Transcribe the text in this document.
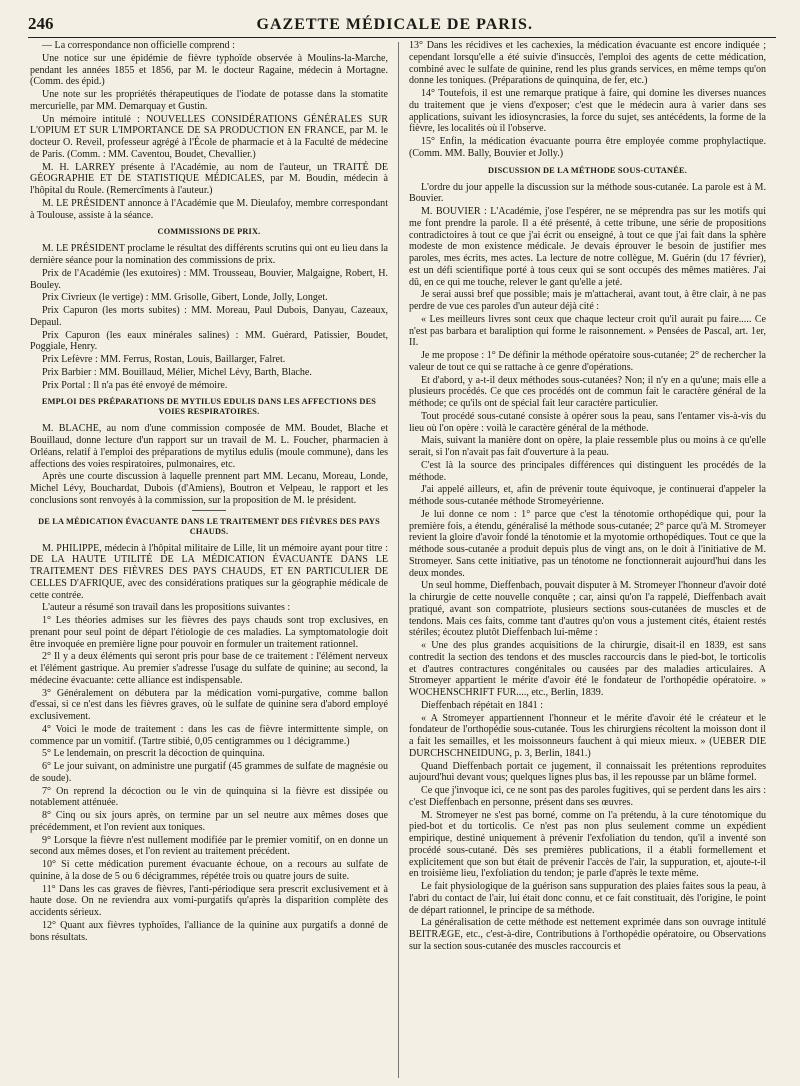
246	GAZETTE MÉDICALE DE PARIS.

— La correspondance non officielle comprend :

Une notice sur une épidémie de fièvre typhoïde observée à Moulins-la-Marche, pendant les années 1855 et 1856, par M. le docteur Ragaine, médecin à Mortagne. (Comm. des épid.)

Une note sur les propriétés thérapeutiques de l'iodate de potasse dans la stomatite mercurielle, par MM. Demarquay et Gustin.

Un mémoire intitulé : NOUVELLES CONSIDÉRATIONS GÉNÉRALES SUR L'OPIUM ET SUR L'IMPORTANCE DE SA PRODUCTION EN FRANCE, par M. le docteur O. Reveil, professeur agrégé à l'École de pharmacie et à la Faculté de médecine de Paris. (Comm. : MM. Caventou, Boudet, Chevallier.)

M. H. LARREY présente à l'Académie, au nom de l'auteur, un TRAITÉ DE GÉOGRAPHIE ET DE STATISTIQUE MÉDICALES, par M. Boudin, médecin à l'hôpital du Roule. (Remercîments à l'auteur.)

M. LE PRÉSIDENT annonce à l'Académie que M. Dieulafoy, membre correspondant à Toulouse, assiste à la séance.

COMMISSIONS DE PRIX.

M. LE PRÉSIDENT proclame le résultat des différents scrutins qui ont eu lieu dans la dernière séance pour la nomination des commissions de prix.

Prix de l'Académie (les exutoires) : MM. Trousseau, Bouvier, Malgaigne, Robert, H. Bouley.

Prix Civrieux (le vertige) : MM. Grisolle, Gibert, Londe, Jolly, Longet.

Prix Capuron (les morts subites) : MM. Moreau, Paul Dubois, Danyau, Cazeaux, Depaul.

Prix Capuron (les eaux minérales salines) : MM. Guérard, Patissier, Boudet, Poggiale, Henry.

Prix Lefèvre : MM. Ferrus, Rostan, Louis, Baillarger, Falret.

Prix Barbier : MM. Bouillaud, Mélier, Michel Lévy, Barth, Blache.

Prix Portal : Il n'a pas été envoyé de mémoire.

EMPLOI DES PRÉPARATIONS DE MYTILUS EDULIS DANS LES AFFECTIONS DES VOIES RESPIRATOIRES.

M. BLACHE, au nom d'une commission composée de MM. Boudet, Blache et Bouillaud, donne lecture d'un rapport sur un travail de M. L. Foucher, pharmacien à Orléans, relatif à l'emploi des préparations de mytilus edulis (moule commune), dans les affections des voies respiratoires, pulmonaires, etc.

Après une courte discussion à laquelle prennent part MM. Lecanu, Moreau, Londe, Michel Lévy, Bouchardat, Dubois (d'Amiens), Boutron et Velpeau, le rapport et les conclusions sont renvoyés à la commission, sur la proposition de M. le président.

DE LA MÉDICATION ÉVACUANTE DANS LE TRAITEMENT DES FIÈVRES DES PAYS CHAUDS.

M. PHILIPPE, médecin à l'hôpital militaire de Lille, lit un mémoire ayant pour titre : DE LA HAUTE UTILITÉ DE LA MÉDICATION ÉVACUANTE DANS LE TRAITEMENT DES FIÈVRES DES PAYS CHAUDS, ET EN PARTICULIER DE CELLES D'AFRIQUE, avec des considérations pratiques sur la géographie médicale de cette contrée.

L'auteur a résumé son travail dans les propositions suivantes :

1° Les théories admises sur les fièvres des pays chauds sont trop exclusives, en prenant pour seul point de départ l'étiologie de ces maladies. La symptomatologie doit être invoquée en première ligne pour pouvoir en formuler un traitement rationnel.

2° Il y a deux éléments qui seront pris pour base de ce traitement : l'élément nerveux et l'élément gastrique. Au premier s'adresse l'usage du sulfate de quinine; au second, la médecine évacuante: cette alliance est indispensable.

3° Généralement on débutera par la médication vomi-purgative, comme ballon d'essai, si ce n'est dans les fièvres graves, où le sulfate de quinine sera d'abord employé exclusivement.

4° Voici le mode de traitement : dans les cas de fièvre intermittente simple, on commence par un vomitif. (Tartre stibié, 0,05 centigrammes ou 1 décigramme.)

5° Le lendemain, on prescrit la décoction de quinquina.

6° Le jour suivant, on administre une purgatif (45 grammes de sulfate de magnésie ou de soude).

7° On reprend la décoction ou le vin de quinquina si la fièvre est dissipée ou notablement atténuée.

8° Cinq ou six jours après, on termine par un sel neutre aux mêmes doses que précédemment, et l'on revient aux toniques.

9° Lorsque la fièvre n'est nullement modifiée par le premier vomitif, on en donne un second aux mêmes doses, et l'on revient au traitement précédent.

10° Si cette médication purement évacuante échoue, on a recours au sulfate de quinine, à la dose de 5 ou 6 décigrammes, répétée trois ou quatre jours de suite.

11° Dans les cas graves de fièvres, l'anti-périodique sera prescrit exclusivement et à haute dose. On ne reviendra aux vomi-purgatifs qu'après la disparition complète des accidents sérieux.

12° Quant aux fièvres typhoïdes, l'alliance de la quinine aux purgatifs a donné de bons résultats.

13° Dans les récidives et les cachexies, la médication évacuante est encore indiquée ; cependant lorsqu'elle a été suivie d'insuccès, l'emploi des agents de cette médication, combiné avec le sulfate de quinine, rend les plus grands services, en même temps qu'on donne les toniques. (Préparations de quinquina, de fer, etc.)

14° Toutefois, il est une remarque pratique à faire, qui domine les diverses nuances du traitement que je viens d'exposer; c'est que le médecin aura à varier dans ses applications, suivant les idiosyncrasies, la force du sujet, ses antécédents, la forme de la fièvre, les localités où il l'observe.

15° Enfin, la médication évacuante pourra être employée comme prophylactique. (Comm. MM. Bally, Bouvier et Jolly.)

DISCUSSION DE LA MÉTHODE SOUS-CUTANÉE.

L'ordre du jour appelle la discussion sur la méthode sous-cutanée. La parole est à M. Bouvier.

M. BOUVIER : L'Académie, j'ose l'espérer, ne se méprendra pas sur les motifs qui me font prendre la parole. Il a été présenté, à cette tribune, une série de propositions contradictoires à tout ce que j'ai écrit ou enseigné, à tout ce que j'ai fait dans la sphère modeste de mon existence médicale. Je devais éprouver le besoin de justifier mes paroles, mes écrits, mes actes. La lecture de notre collègue, M. Guérin (du 17 février), est un défi scientifique porté à tous ceux qui se sont occupés des mêmes matières. J'ai dû, en ce qui me touche, relever le gant qu'elle a jeté.

Je serai aussi bref que possible; mais je m'attacherai, avant tout, à être clair, à ne pas perdre de vue ces paroles d'un auteur déjà cité :

« Les meilleurs livres sont ceux que chaque lecteur croit qu'il aurait pu faire..... Ce n'est pas barbara et baraliption qui forme le raisonnement. » Pensées de Pascal, art. 1er, II.

Je me propose : 1° De définir la méthode opératoire sous-cutanée; 2° de rechercher la valeur de tout ce qui se rattache à ce genre d'opérations.

Et d'abord, y a-t-il deux méthodes sous-cutanées? Non; il n'y en a qu'une; mais elle a plusieurs procédés. Ce que ces procédés ont de commun fait le caractère général de la méthode; ce qu'ils ont de spécial fait leur caractère particulier.

Tout procédé sous-cutané consiste à opérer sous la peau, sans l'entamer vis-à-vis du lieu où l'on opère : voilà le caractère général de la méthode.

Mais, suivant la manière dont on opère, la plaie ressemble plus ou moins à ce qu'elle serait, si l'on n'avait pas fait d'ouverture à la peau.

C'est là la source des principales différences qui distinguent les procédés de la méthode.

J'ai appelé ailleurs, et, afin de prévenir toute équivoque, je continuerai d'appeler la méthode sous-cutanée méthode Stromeyérienne.

Je lui donne ce nom : 1° parce que c'est la ténotomie orthopédique qui, pour la première fois, a étendu, généralisé la méthode sous-cutanée; 2° parce qu'à M. Stromeyer revient la gloire d'avoir fondé la ténotomie et la myotomie orthopédiques. Tout ce que la méthode sous-cutanée a produit depuis plus de vingt ans, on le doit à l'initiative de M. Stromeyer. Sans cette initiative, pas un ténotome ne fonctionnerait aujourd'hui dans les deux mondes.

Un seul homme, Dieffenbach, pouvait disputer à M. Stromeyer l'honneur d'avoir doté la chirurgie de cette nouvelle conquête ; car, ainsi qu'on l'a rappelé, Dieffenbach avait pratiqué, avant son compatriote, plusieurs sections sous-cutanées de muscles et de tendons. Mais ces faits, comme tant d'autres qu'on vous a justement cités, étaient restés stériles; écoutez plutôt Dieffenbach lui-même :

« Une des plus grandes acquisitions de la chirurgie, disait-il en 1839, est sans contredit la section des tendons et des muscles raccourcis dans le pied-bot, le torticolis et d'autres contractures congénitales ou causées par des maladies articulaires. A Stromeyer appartient le mérite d'avoir été le fondateur de l'orthopédie opératoire. » WOCHENSCHRIFT FUR...., etc., Berlin, 1839.

Dieffenbach répétait en 1841 :

« A Stromeyer appartiennent l'honneur et le mérite d'avoir été le créateur et le fondateur de l'orthopédie sous-cutanée. Tous les chirurgiens récoltent la moisson dont il a fait les semailles, et les moissonneurs fauchent à qui mieux mieux. » (UEBER DIE DURCHSCHNEIDUNG, p. 3, Berlin, 1841.)

Quand Dieffenbach portait ce jugement, il connaissait les prétentions reproduites aujourd'hui devant vous; quelques lignes plus bas, il les repousse par un blâme formel.

Ce que j'invoque ici, ce ne sont pas des paroles fugitives, qui se perdent dans les airs : c'est Dieffenbach en personne, présent dans ses œuvres.

M. Stromeyer ne s'est pas borné, comme on l'a prétendu, à la cure ténotomique du pied-bot et du torticolis. Ce n'est pas non plus seulement comme un expédient empirique, destiné uniquement à prévenir l'exfoliation du tendon, qu'il a inventé son procédé sous-cutané. Dès ses premières publications, il a établi formellement et explicitement que son but était de prévenir l'accès de l'air, la suppuration, et, ajoute-t-il en troisième lieu, l'exfoliation du tendon; je parle d'après le texte même.

Le fait physiologique de la guérison sans suppuration des plaies faites sous la peau, à l'abri du contact de l'air, lui était donc connu, et ce fait constituait, dès l'origine, le point de départ rationnel, le principe de sa méthode.

La généralisation de cette méthode est nettement exprimée dans son ouvrage intitulé BEITRÆGE, etc., c'est-à-dire, Contributions à l'orthopédie opératoire, ou Observations sur la section sous-cutanée des muscles raccourcis et
